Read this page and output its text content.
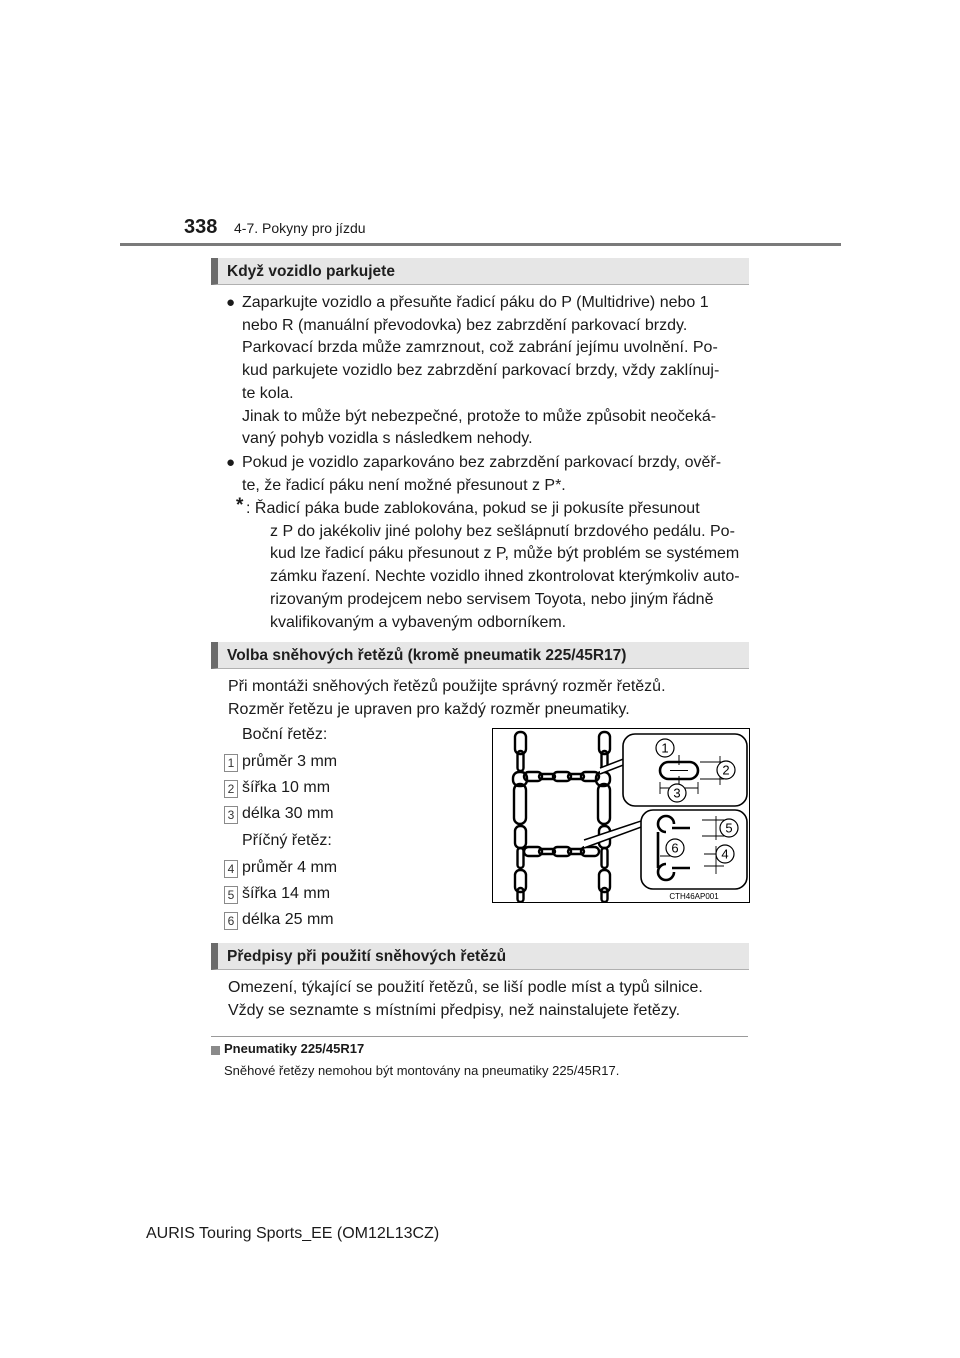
338 4-7. Pokyny pro jízdu
Když vozidlo parkujete
● Zaparkujte vozidlo a přesuňte řadicí páku do P (Multidrive) nebo 1

nebo R (manuální převodovka) bez zabrzdění parkovací brzdy.

Parkovací brzda může zamrznout, což zabrání jejímu uvolnění. Po-

kud parkujete vozidlo bez zabrzdění parkovací brzdy, vždy zaklínuj-

te kola.

Jinak to může být nebezpečné, protože to může způsobit neočeká-

vaný pohyb vozidla s následkem nehody.

● Pokud je vozidlo zaparkováno bez zabrzdění parkovací brzdy, ověř-

te, že řadicí páku není možné přesunout z P*.

* : Řadicí páka bude zablokována, pokud se ji pokusíte přesunout

z P do jakékoliv jiné polohy bez sešlápnutí brzdového pedálu. Po-

kud lze řadicí páku přesunout z P, může být problém se systémem

zámku řazení. Nechte vozidlo ihned zkontrolovat kterýmkoliv auto-

rizovaným prodejcem nebo servisem Toyota, nebo jiným řádně

kvalifikovaným a vybaveným odborníkem.

Volba sněhových řetězů (kromě pneumatik 225/45R17)

Při montáži sněhových řetězů použijte správný rozměr řetězů.

Rozměr řetězu je upraven pro každý rozměr pneumatiky.

Boční řetěz:
1 průměr 3 mm
2 šířka 10 mm
3 délka 30 mm
Příčný řetěz:
4 průměr 4 mm
5 šířka 14 mm
6 délka 25 mm
1
2
3
4
5
6
CTH46AP001
Předpisy při použití sněhových řetězů

Omezení, týkající se použití řetězů, se liší podle míst a typů silnice.

Vždy se seznamte s místními předpisy, než nainstalujete řetězy.

Pneumatiky 225/45R17
Sněhové řetězy nemohou být montovány na pneumatiky 225/45R17.
AURIS Touring Sports_EE (OM12L13CZ)
